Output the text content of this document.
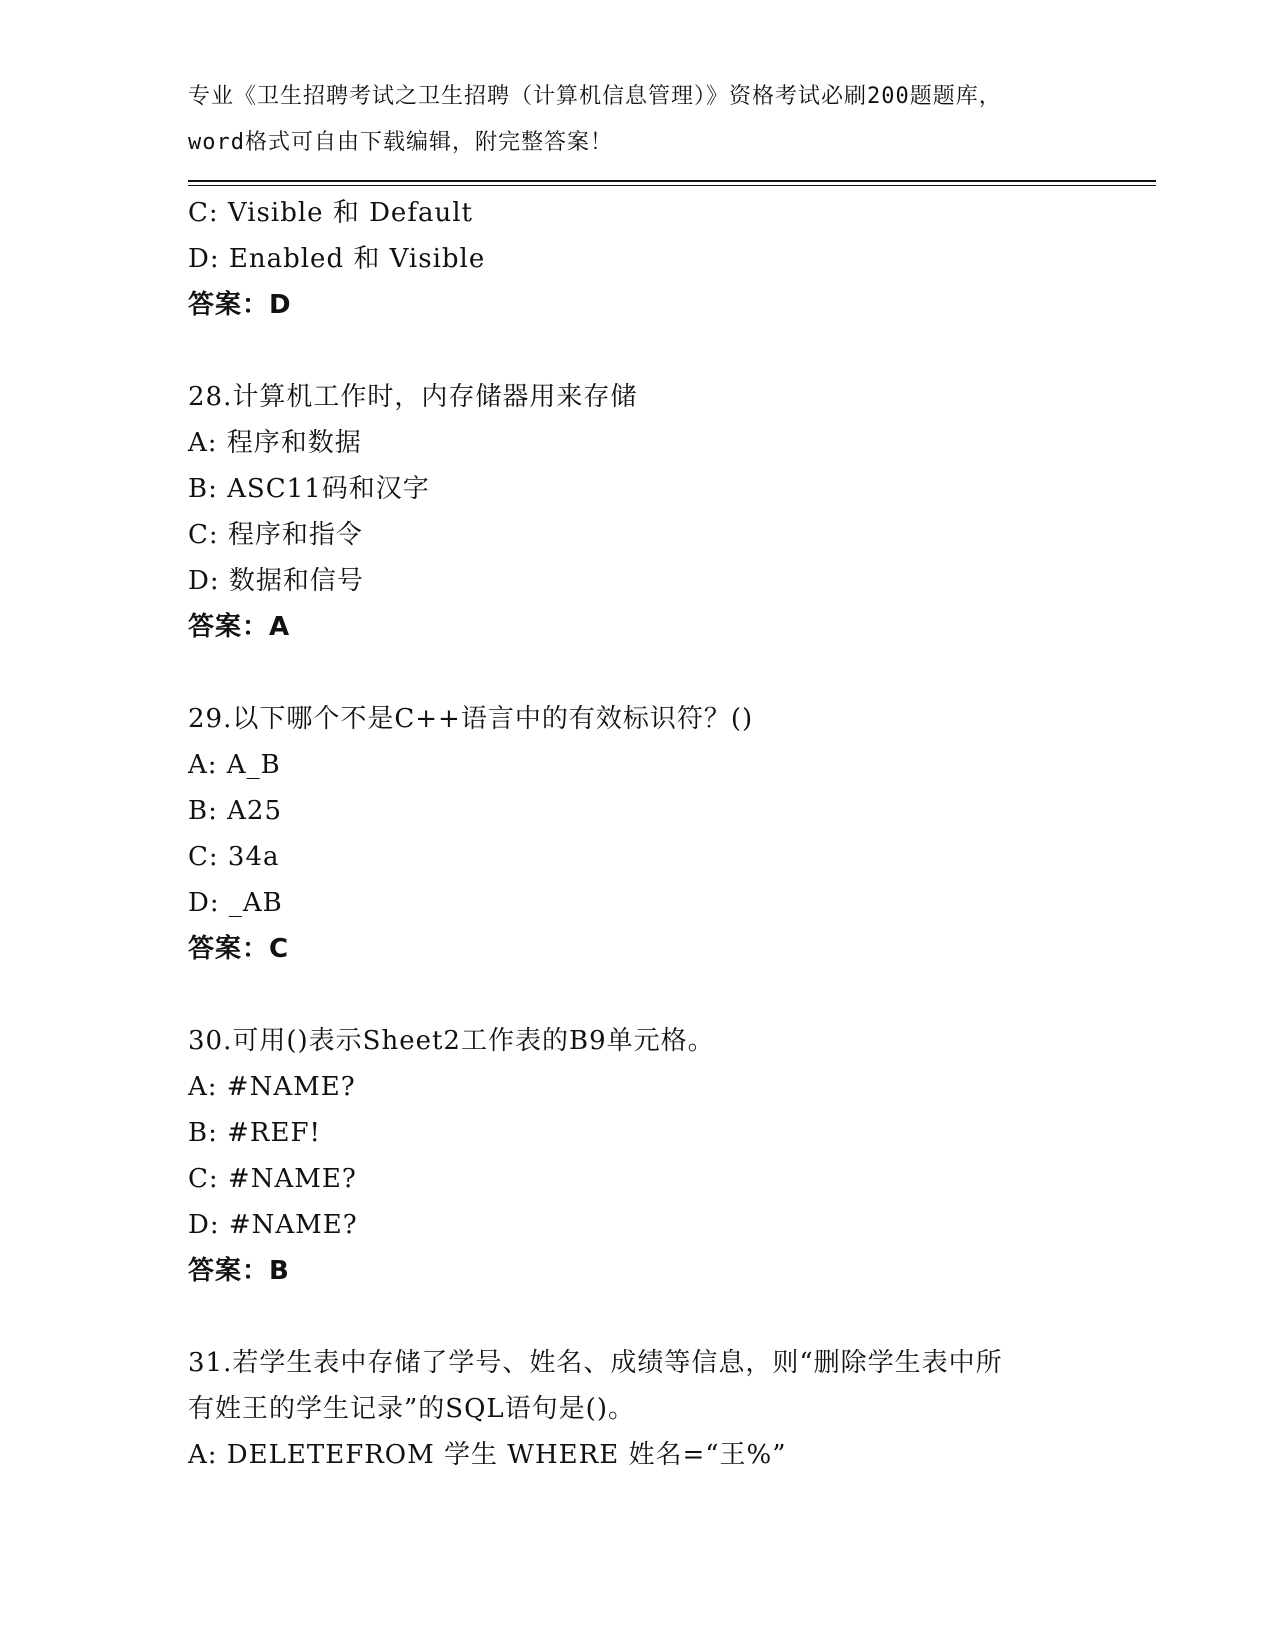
专业《卫生招聘考试之卫生招聘（计算机信息管理）》资格考试必刷200题题库，
word格式可自由下载编辑，附完整答案！
C: Visible 和 Default
D: Enabled 和 Visible
答案：D
28.计算机工作时，内存储器用来存储
A: 程序和数据
B: ASC11码和汉字
C: 程序和指令
D: 数据和信号
答案：A
29.以下哪个不是C++语言中的有效标识符？()
A: A_B
B: A25
C: 34a
D: _AB
答案：C
30.可用()表示Sheet2工作表的B9单元格。
A: #NAME?
B: #REF!
C: #NAME?
D: #NAME?
答案：B
31.若学生表中存储了学号、姓名、成绩等信息，则“删除学生表中所
有姓王的学生记录”的SQL语句是()。
A: DELETEFROM 学生 WHERE 姓名=“王%”
